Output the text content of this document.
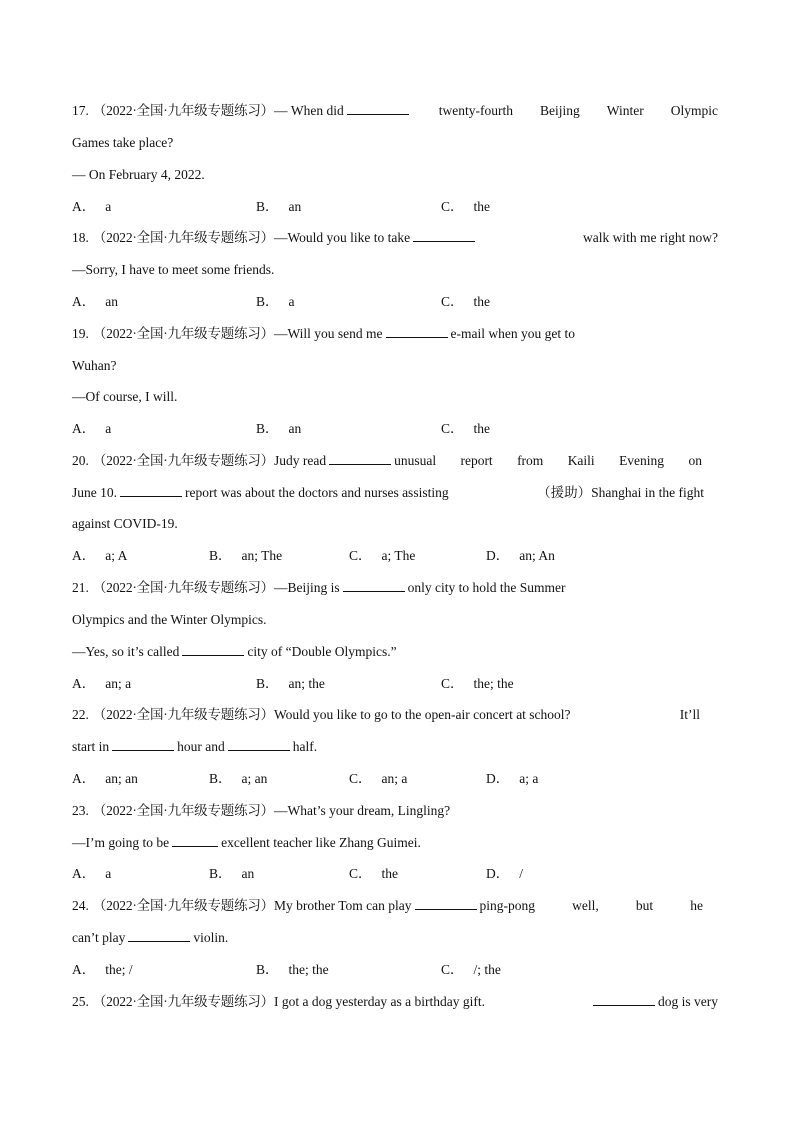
17. （2022·全国·九年级专题练习）— When did	twenty-fourth Beijing Winter Olympic
Games take place?
— On February 4, 2022.
A． a	B． an	C． the
18. （2022·全国·九年级专题练习）—Would you like to take	walk with me right now?
—Sorry, I have to meet some friends.
A． an	B． a	C． the
19. （2022·全国·九年级专题练习）—Will you send me	e-mail when you get to
Wuhan?
—Of course, I will.
A． a	B． an	C． the
20. （2022·全国·九年级专题练习）Judy read	unusual report from Kaili Evening on
June 10.	report was about the doctors and nurses assisting	（援助）Shanghai in the fight
against COVID-19.
A． a; A	B． an; The	C． a; The	D． an; An
21. （2022·全国·九年级专题练习）—Beijing is	only city to hold the Summer
Olympics and the Winter Olympics.
—Yes, so it’s called	city of “Double Olympics.”
A． an; a	B． an; the	C． the; the
22. （2022·全国·九年级专题练习）Would you like to go to the open-air concert at school?	It’ll
start in	hour and	half.
A． an; an	B． a; an	C． an; a	D． a; a
23. （2022·全国·九年级专题练习）—What’s your dream, Lingling?
—I’m going to be	excellent teacher like Zhang Guimei.
A． a	B． an	C． the	D． /
24. （2022·全国·九年级专题练习）My brother Tom can play	ping-pong	well,	but	he
can’t play	violin.
A． the; /	B． the; the	C． /; the
25. （2022·全国·九年级专题练习）I got a dog yesterday as a birthday gift.	dog is very
